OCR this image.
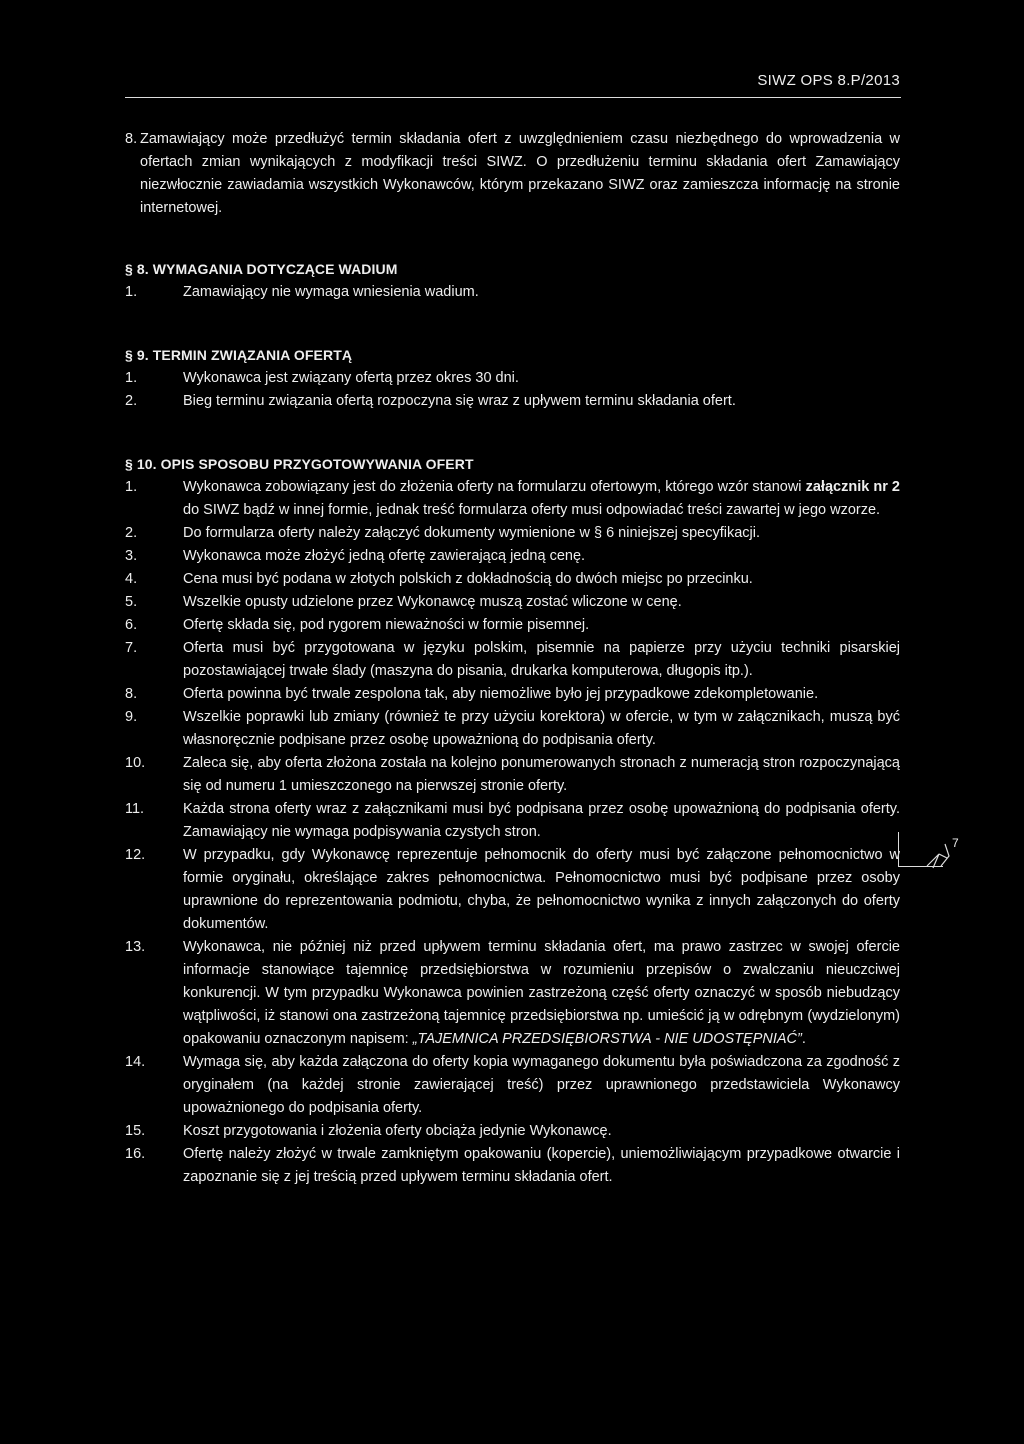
SIWZ OPS 8.P/2013
8. Zamawiający może przedłużyć termin składania ofert z uwzględnieniem czasu niezbędnego do wprowadzenia w ofertach zmian wynikających z modyfikacji treści SIWZ. O przedłużeniu terminu składania ofert Zamawiający niezwłocznie zawiadamia wszystkich Wykonawców, którym przekazano SIWZ oraz zamieszcza informację na stronie internetowej.
§ 8. WYMAGANIA DOTYCZĄCE WADIUM
1.	Zamawiający nie wymaga wniesienia wadium.
§ 9. TERMIN ZWIĄZANIA OFERTĄ
1.	Wykonawca jest związany ofertą przez okres 30 dni.
2.	Bieg terminu związania ofertą rozpoczyna się wraz z upływem terminu składania ofert.
§ 10. OPIS SPOSOBU PRZYGOTOWYWANIA OFERT
1.	Wykonawca zobowiązany jest do złożenia oferty na formularzu ofertowym, którego wzór stanowi załącznik nr 2 do SIWZ bądź w innej formie, jednak treść formularza oferty musi odpowiadać treści zawartej w jego wzorze.
2.	Do formularza oferty należy załączyć dokumenty wymienione w § 6 niniejszej specyfikacji.
3.	Wykonawca może złożyć jedną ofertę zawierającą jedną cenę.
4.	Cena musi być podana w złotych polskich z dokładnością do dwóch miejsc po przecinku.
5.	Wszelkie opusty udzielone przez Wykonawcę muszą zostać wliczone w cenę.
6.	Ofertę składa się, pod rygorem nieważności w formie pisemnej.
7.	Oferta musi być przygotowana w języku polskim, pisemnie na papierze przy użyciu techniki pisarskiej pozostawiającej trwałe ślady (maszyna do pisania, drukarka komputerowa, długopis itp.).
8.	Oferta powinna być trwale zespolona tak, aby niemożliwe było jej przypadkowe zdekompletowanie.
9.	Wszelkie poprawki lub zmiany (również te przy użyciu korektora) w ofercie, w tym w załącznikach, muszą być własnoręcznie podpisane przez osobę upoważnioną do podpisania oferty.
10.	Zaleca się, aby oferta złożona została na kolejno ponumerowanych stronach z numeracją stron rozpoczynającą się od numeru 1 umieszczonego na pierwszej stronie oferty.
11.	Każda strona oferty wraz z załącznikami musi być podpisana przez osobę upoważnioną do podpisania oferty. Zamawiający nie wymaga podpisywania czystych stron.
12.	W przypadku, gdy Wykonawcę reprezentuje pełnomocnik do oferty musi być załączone pełnomocnictwo w formie oryginału, określające zakres pełnomocnictwa. Pełnomocnictwo musi być podpisane przez osoby uprawnione do reprezentowania podmiotu, chyba, że pełnomocnictwo wynika z innych załączonych do oferty dokumentów.
13.	Wykonawca, nie później niż przed upływem terminu składania ofert, ma prawo zastrzec w swojej ofercie informacje stanowiące tajemnicę przedsiębiorstwa w rozumieniu przepisów o zwalczaniu nieuczciwej konkurencji. W tym przypadku Wykonawca powinien zastrzeżoną część oferty oznaczyć w sposób niebudzący wątpliwości, iż stanowi ona zastrzeżoną tajemnicę przedsiębiorstwa np. umieścić ją w odrębnym (wydzielonym) opakowaniu oznaczonym napisem: „TAJEMNICA PRZEDSIĘBIORSTWA - NIE UDOSTĘPNIAĆ”.
14.	Wymaga się, aby każda załączona do oferty kopia wymaganego dokumentu była poświadczona za zgodność z oryginałem (na każdej stronie zawierającej treść) przez uprawnionego przedstawiciela Wykonawcy upoważnionego do podpisania oferty.
15.	Koszt przygotowania i złożenia oferty obciąża jedynie Wykonawcę.
16.	Ofertę należy złożyć w trwale zamkniętym opakowaniu (kopercie), uniemożliwiającym przypadkowe otwarcie i zapoznanie się z jej treścią przed upływem terminu składania ofert.
7
